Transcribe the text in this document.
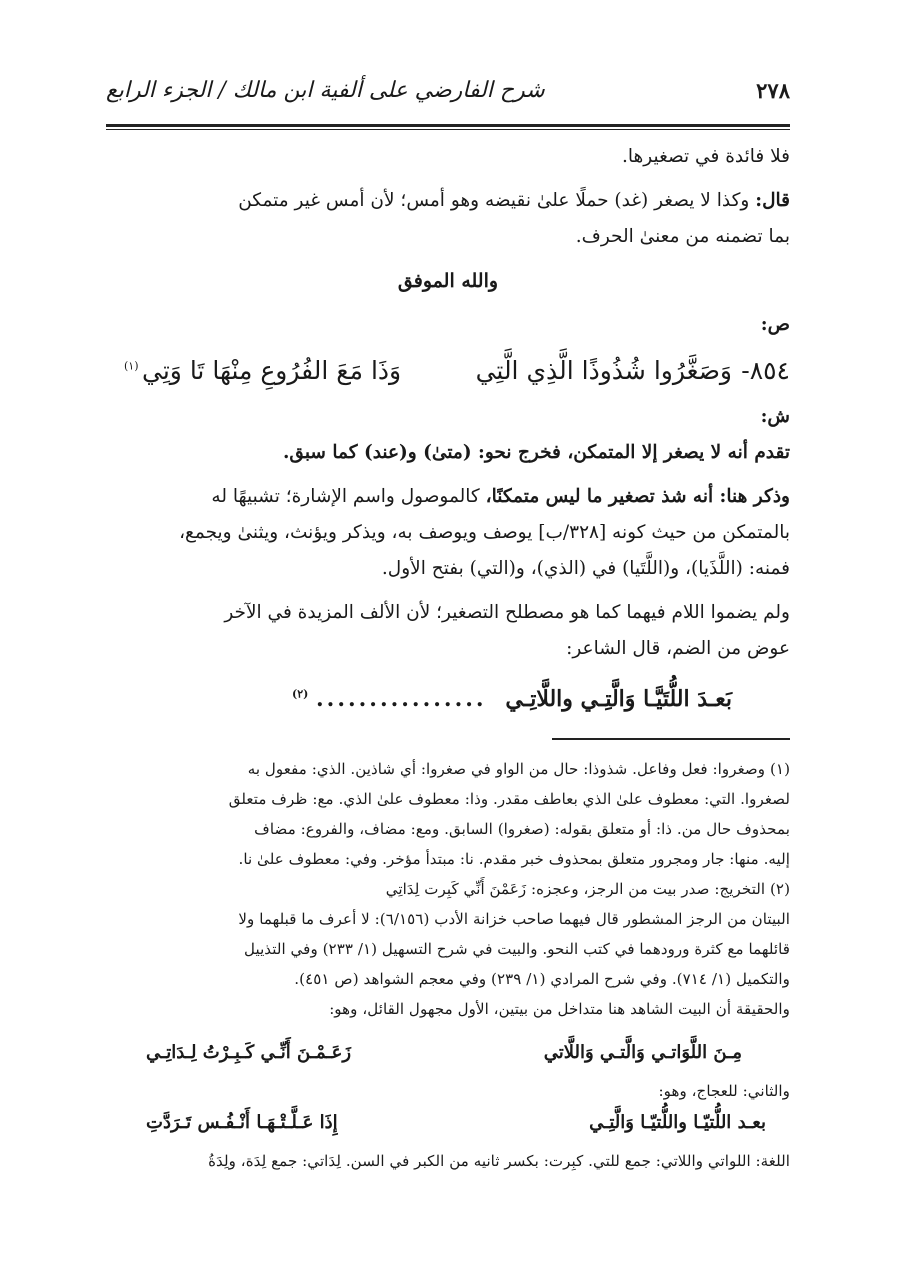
٢٧٨
شرح الفارضي على ألفية ابن مالك / الجزء الرابع
فلا فائدة في تصغيرها.
قال: وكذا لا يصغر (غد) حملًا علىٰ نقيضه وهو أمس؛ لأن أمس غير متمكن
بما تضمنه من معنىٰ الحرف.
والله الموفق
ص:
٨٥٤-
وَصَغَّرُوا شُذُوذًا الَّذِي الَّتِي
وَذَا مَعَ الفُرُوعِ مِنْهَا تَا وَتِي
$^{(١)}$
ش:
تقدم أنه لا يصغر إلا المتمكن، فخرج نحو: (متىٰ) و(عند) كما سبق.
وذكر هنا: أنه شذ تصغير ما ليس متمكنًا، كالموصول واسم الإشارة؛ تشبيهًا له
بالمتمكن من حيث كونه [٣٢٨/ب] يوصف ويوصف به، ويذكر ويؤنث، ويثنىٰ ويجمع،
فمنه: (اللَّذَيا)، و(اللَّتَيا) في (الذي)، و(التي) بفتح الأول.
ولم يضموا اللام فيهما كما هو مصطلح التصغير؛ لأن الألف المزيدة في الآخر
عوض من الضم، قال الشاعر:
بَعـدَ اللُّتَيَّـا وَالَّتِـي واللَّاتِـي
................
$^{(٢)}$
(١) وصغروا: فعل وفاعل. شذوذا: حال من الواو في صغروا: أي شاذين. الذي: مفعول به
لصغروا. التي: معطوف علىٰ الذي بعاطف مقدر. وذا: معطوف علىٰ الذي. مع: ظرف متعلق
بمحذوف حال من. ذا: أو متعلق بقوله: (صغروا) السابق. ومع: مضاف، والفروع: مضاف
إليه. منها: جار ومجرور متعلق بمحذوف خبر مقدم. نا: مبتدأ مؤخر. وفي: معطوف علىٰ نا.
(٢) التخريج: صدر بيت من الرجز، وعجزه: زَعَمْنَ أَنِّي كَبِرت لِدَاتِي
البيتان من الرجز المشطور قال فيهما صاحب خزانة الأدب (٦/١٥٦): لا أعرف ما قبلهما ولا
قائلهما مع كثرة ورودهما في كتب النحو. والبيت في شرح التسهيل (١/ ٢٣٣) وفي التذييل
والتكميل (١/ ٧١٤). وفي شرح المرادي (١/ ٢٣٩) وفي معجم الشواهد (ص ٤٥١).
والحقيقة أن البيت الشاهد هنا متداخل من بيتين، الأول مجهول القائل، وهو:
مِـنَ اللَّوَاتـي وَالَّتـي وَاللَّاتي
زَعَـمْـنَ أَنِّـي كَـبِـرْتُ لِـدَاتِـي
والثاني: للعجاج، وهو:
بعـد اللُّتيّـا واللُّتيّـا وَالَّتِـي
إِذَا عَـلَّـتْـهَـا أَنْـفُـس تَـرَدَّتِ
اللغة: اللواتي واللاتي: جمع للتي. كبِرت: بكسر ثانيه من الكبر في السن. لِدَاتي: جمع لِدَة، ولِدَةُ
